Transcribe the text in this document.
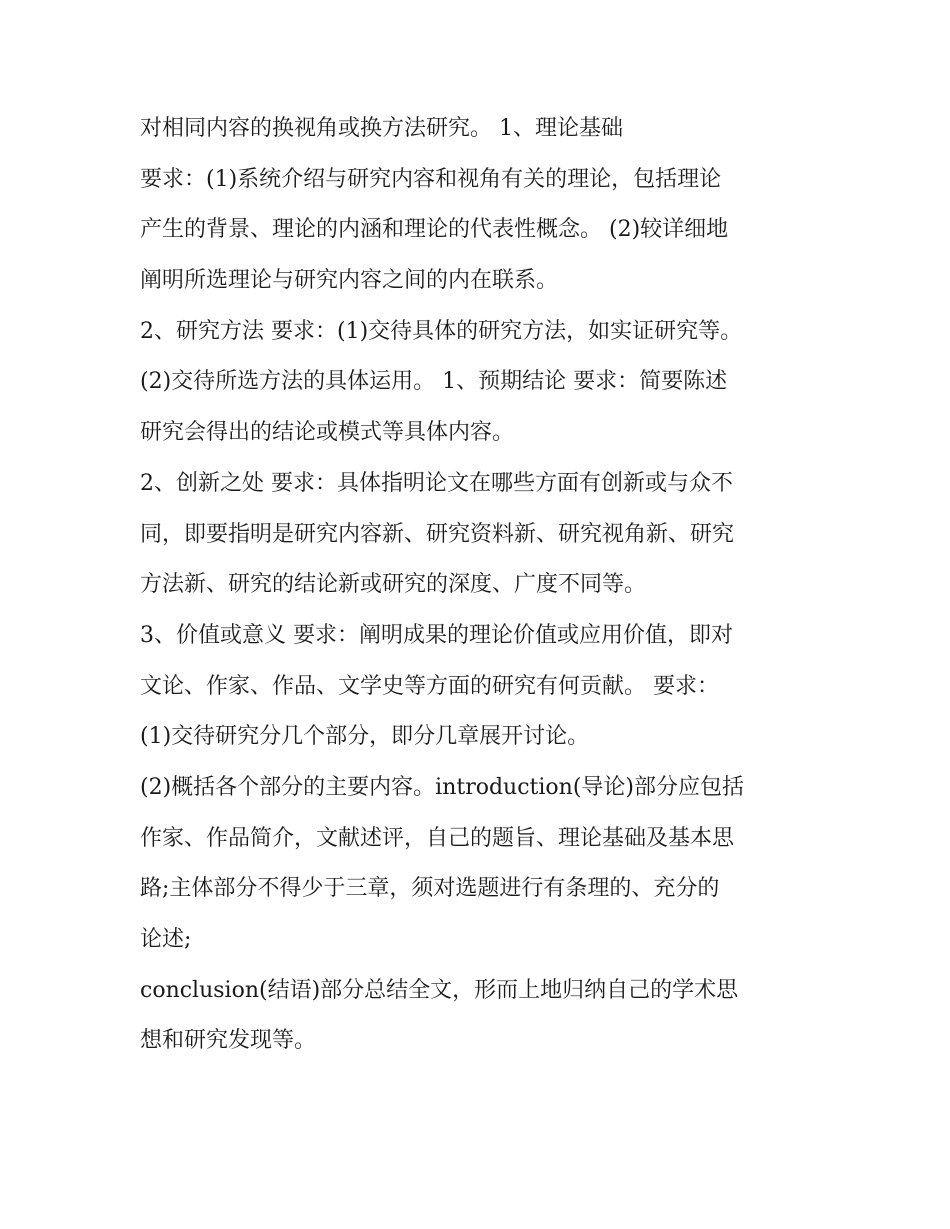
对相同内容的换视角或换方法研究。 1、理论基础
要求：(1)系统介绍与研究内容和视角有关的理论，包括理论
产生的背景、理论的内涵和理论的代表性概念。 (2)较详细地
阐明所选理论与研究内容之间的内在联系。
2、研究方法 要求：(1)交待具体的研究方法，如实证研究等。
(2)交待所选方法的具体运用。 1、预期结论 要求：简要陈述
研究会得出的结论或模式等具体内容。
2、创新之处 要求：具体指明论文在哪些方面有创新或与众不
同，即要指明是研究内容新、研究资料新、研究视角新、研究
方法新、研究的结论新或研究的深度、广度不同等。
3、价值或意义 要求：阐明成果的理论价值或应用价值，即对
文论、作家、作品、文学史等方面的研究有何贡献。 要求：
(1)交待研究分几个部分，即分几章展开讨论。
(2)概括各个部分的主要内容。introduction(导论)部分应包括
作家、作品简介，文献述评，自己的题旨、理论基础及基本思
路;主体部分不得少于三章，须对选题进行有条理的、充分的
论述;
conclusion(结语)部分总结全文，形而上地归纳自己的学术思
想和研究发现等。
